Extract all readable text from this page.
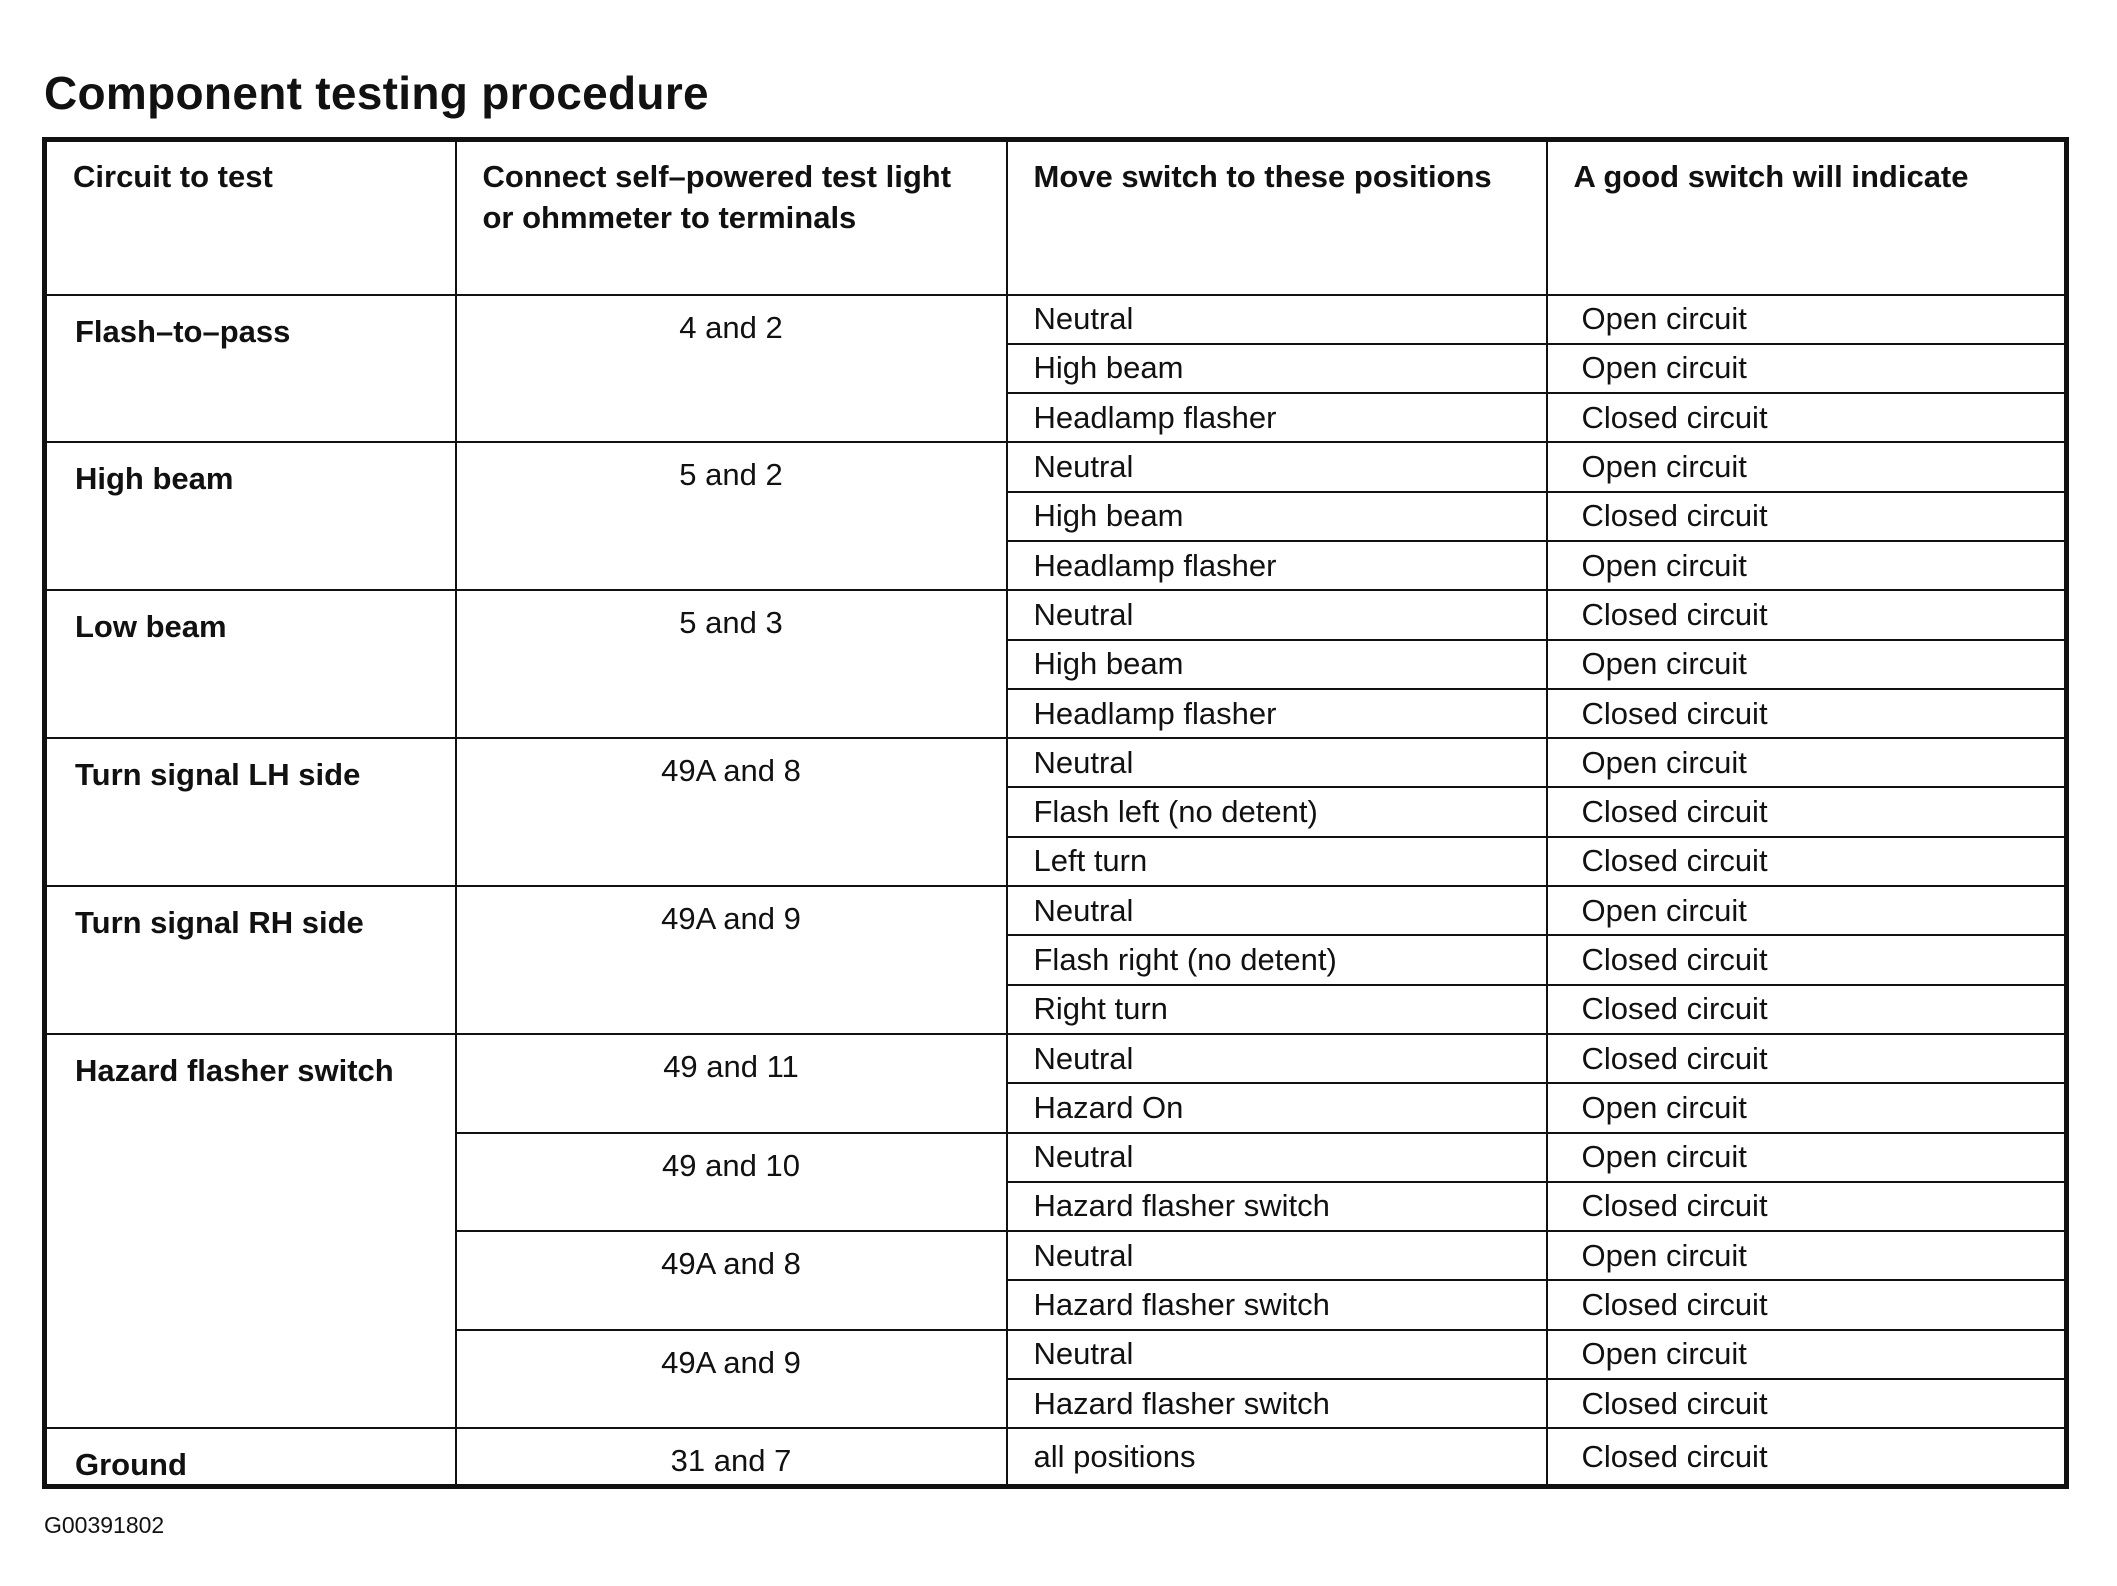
Component testing procedure
Circuit to test	Connect self–powered test light or ohmmeter to terminals	Move switch to these positions	A good switch will indicate
Flash–to–pass	4 and 2	Neutral	Open circuit
		High beam	Open circuit
		Headlamp flasher	Closed circuit
High beam	5 and 2	Neutral	Open circuit
		High beam	Closed circuit
		Headlamp flasher	Open circuit
Low beam	5 and 3	Neutral	Closed circuit
		High beam	Open circuit
		Headlamp flasher	Closed circuit
Turn signal LH side	49A and 8	Neutral	Open circuit
		Flash left (no detent)	Closed circuit
		Left turn	Closed circuit
Turn signal RH side	49A and 9	Neutral	Open circuit
		Flash right (no detent)	Closed circuit
		Right turn	Closed circuit
Hazard flasher switch	49 and 11	Neutral	Closed circuit
		Hazard On	Open circuit
	49 and 10	Neutral	Open circuit
		Hazard flasher switch	Closed circuit
	49A and 8	Neutral	Open circuit
		Hazard flasher switch	Closed circuit
	49A and 9	Neutral	Open circuit
		Hazard flasher switch	Closed circuit
Ground	31 and 7	all positions	Closed circuit
G00391802
